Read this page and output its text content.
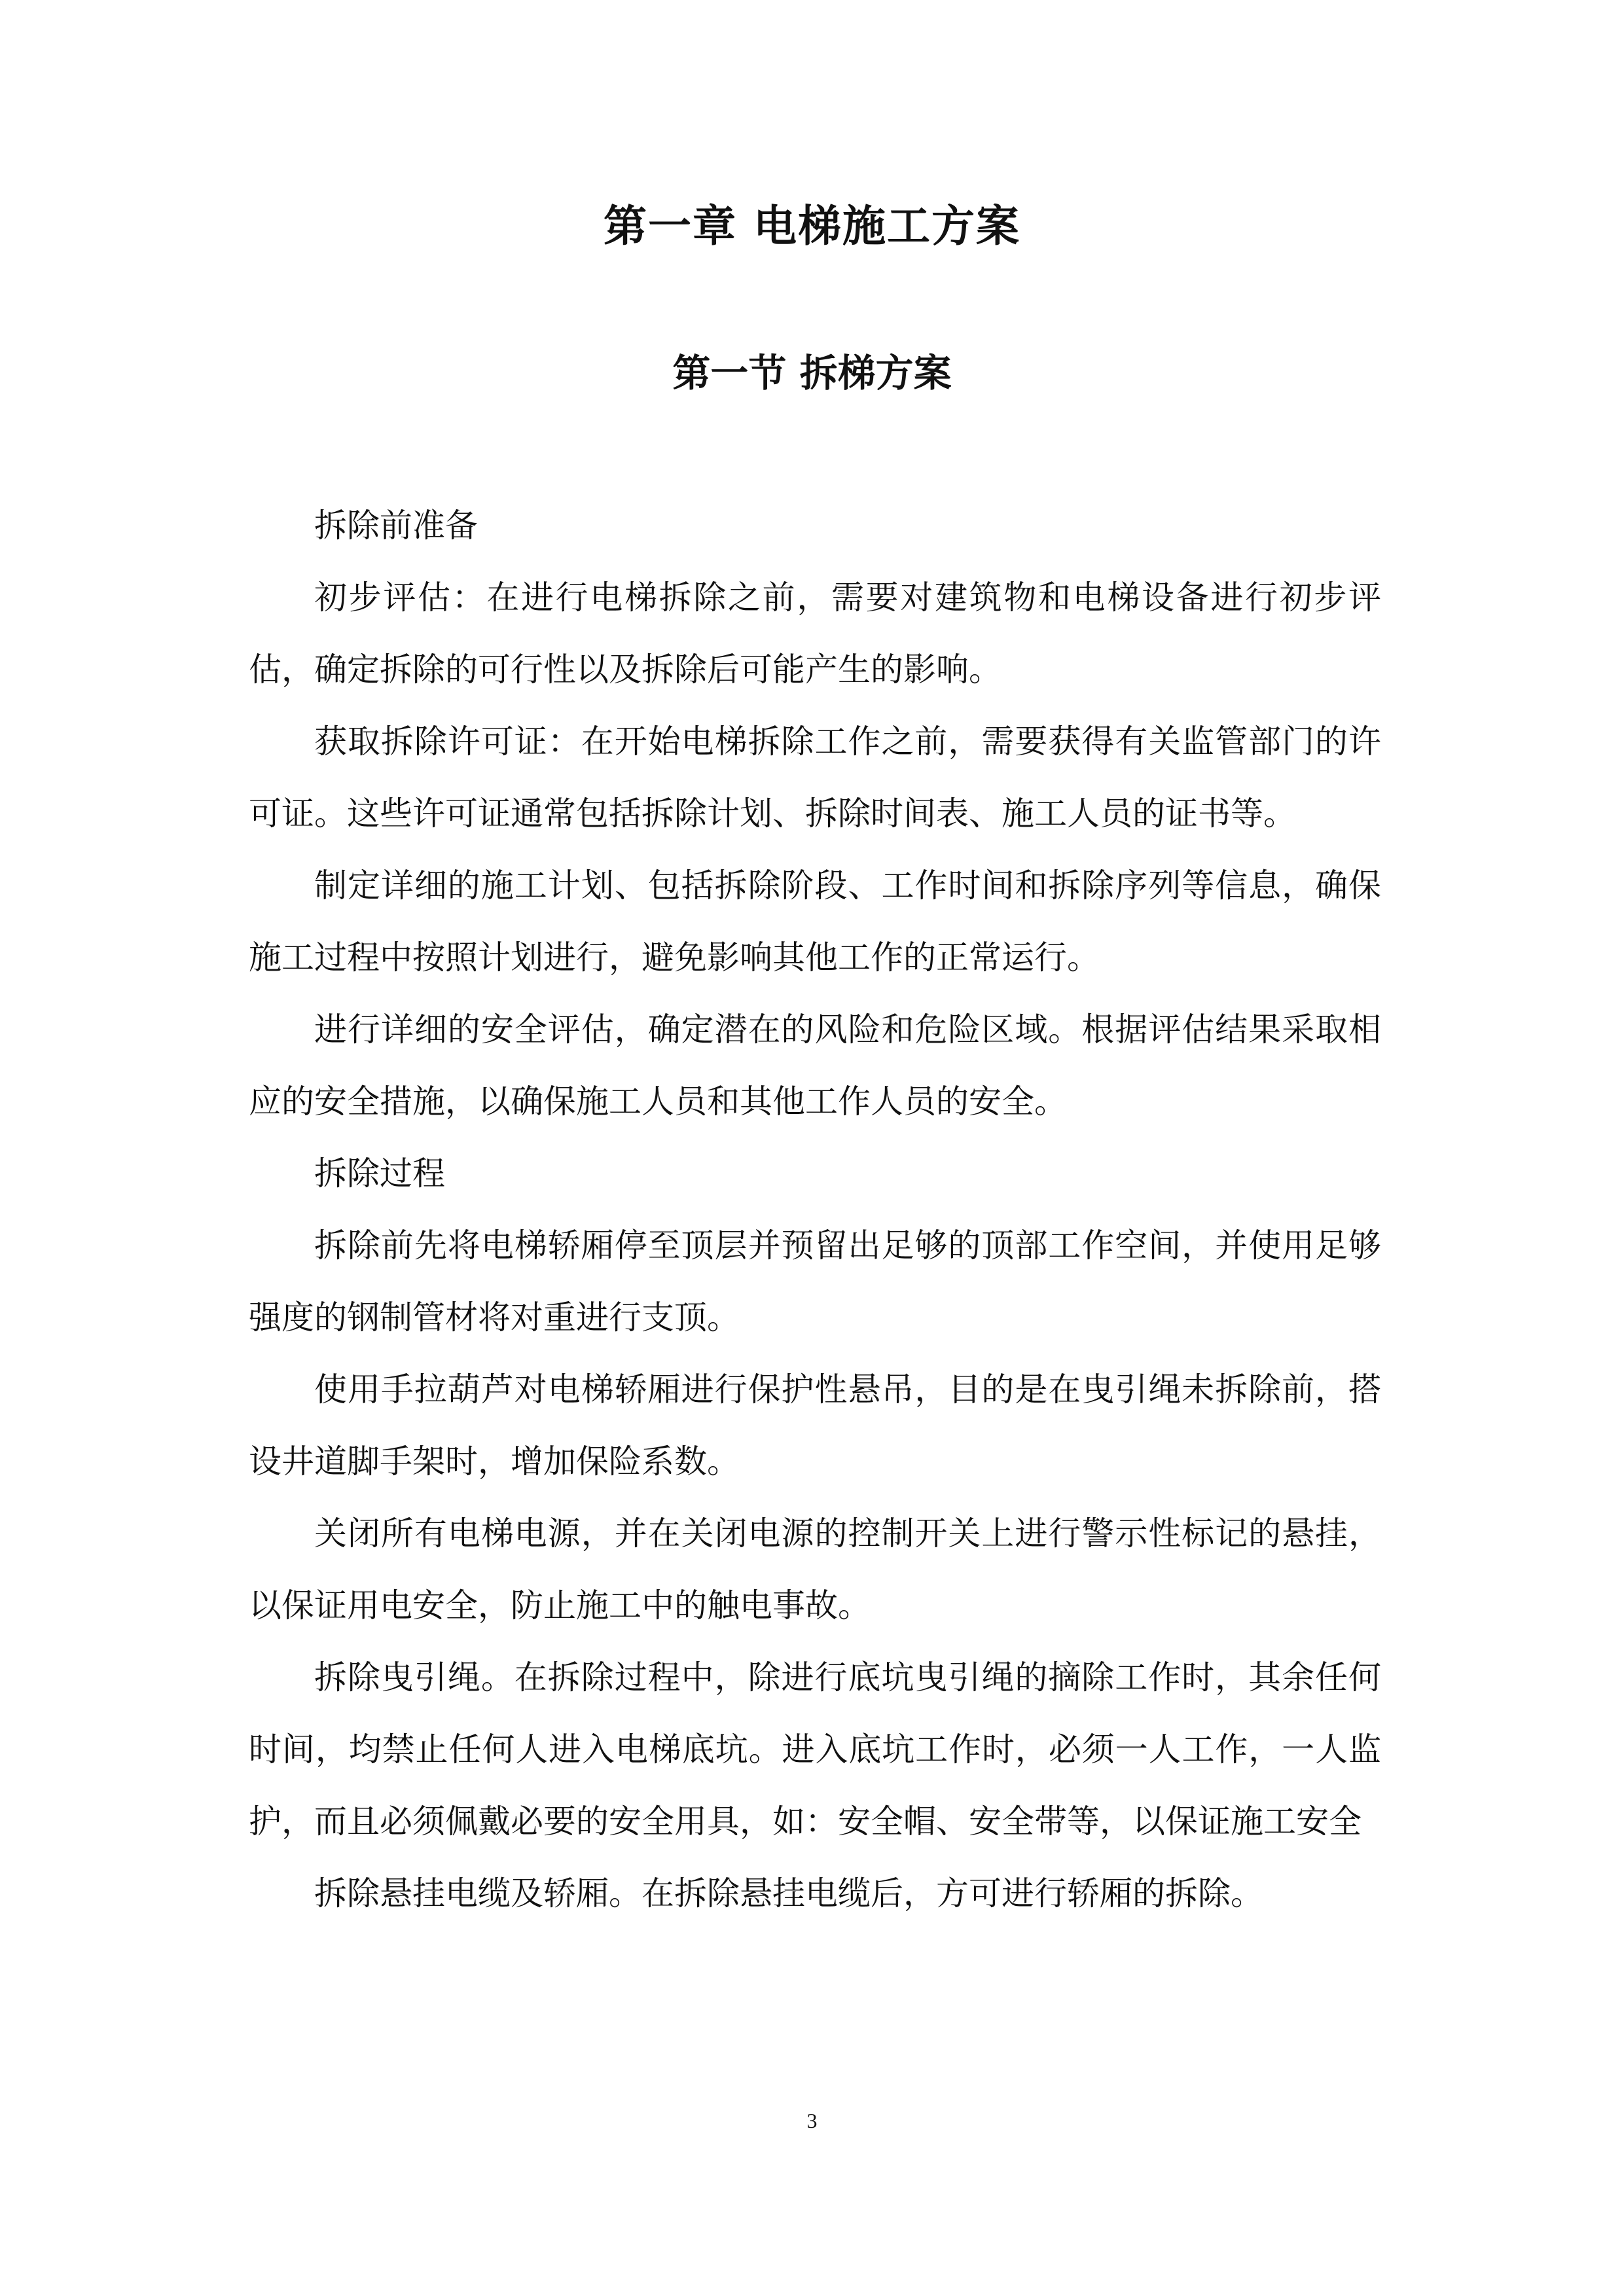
第一章 电梯施工方案
第一节 拆梯方案

拆除前准备

初步评估：在进行电梯拆除之前，需要对建筑物和电梯设备进行初步评估，确定拆除的可行性以及拆除后可能产生的影响。

获取拆除许可证：在开始电梯拆除工作之前，需要获得有关监管部门的许可证。这些许可证通常包括拆除计划、拆除时间表、施工人员的证书等。

制定详细的施工计划、包括拆除阶段、工作时间和拆除序列等信息，确保施工过程中按照计划进行，避免影响其他工作的正常运行。

进行详细的安全评估，确定潜在的风险和危险区域。根据评估结果采取相应的安全措施，以确保施工人员和其他工作人员的安全。

拆除过程

拆除前先将电梯轿厢停至顶层并预留出足够的顶部工作空间，并使用足够强度的钢制管材将对重进行支顶。

使用手拉葫芦对电梯轿厢进行保护性悬吊，目的是在曳引绳未拆除前，搭设井道脚手架时，增加保险系数。

关闭所有电梯电源，并在关闭电源的控制开关上进行警示性标记的悬挂，以保证用电安全，防止施工中的触电事故。

拆除曳引绳。在拆除过程中，除进行底坑曳引绳的摘除工作时，其余任何时间，均禁止任何人进入电梯底坑。进入底坑工作时，必须一人工作，一人监护，而且必须佩戴必要的安全用具，如：安全帽、安全带等，以保证施工安全

拆除悬挂电缆及轿厢。在拆除悬挂电缆后，方可进行轿厢的拆除。

3
